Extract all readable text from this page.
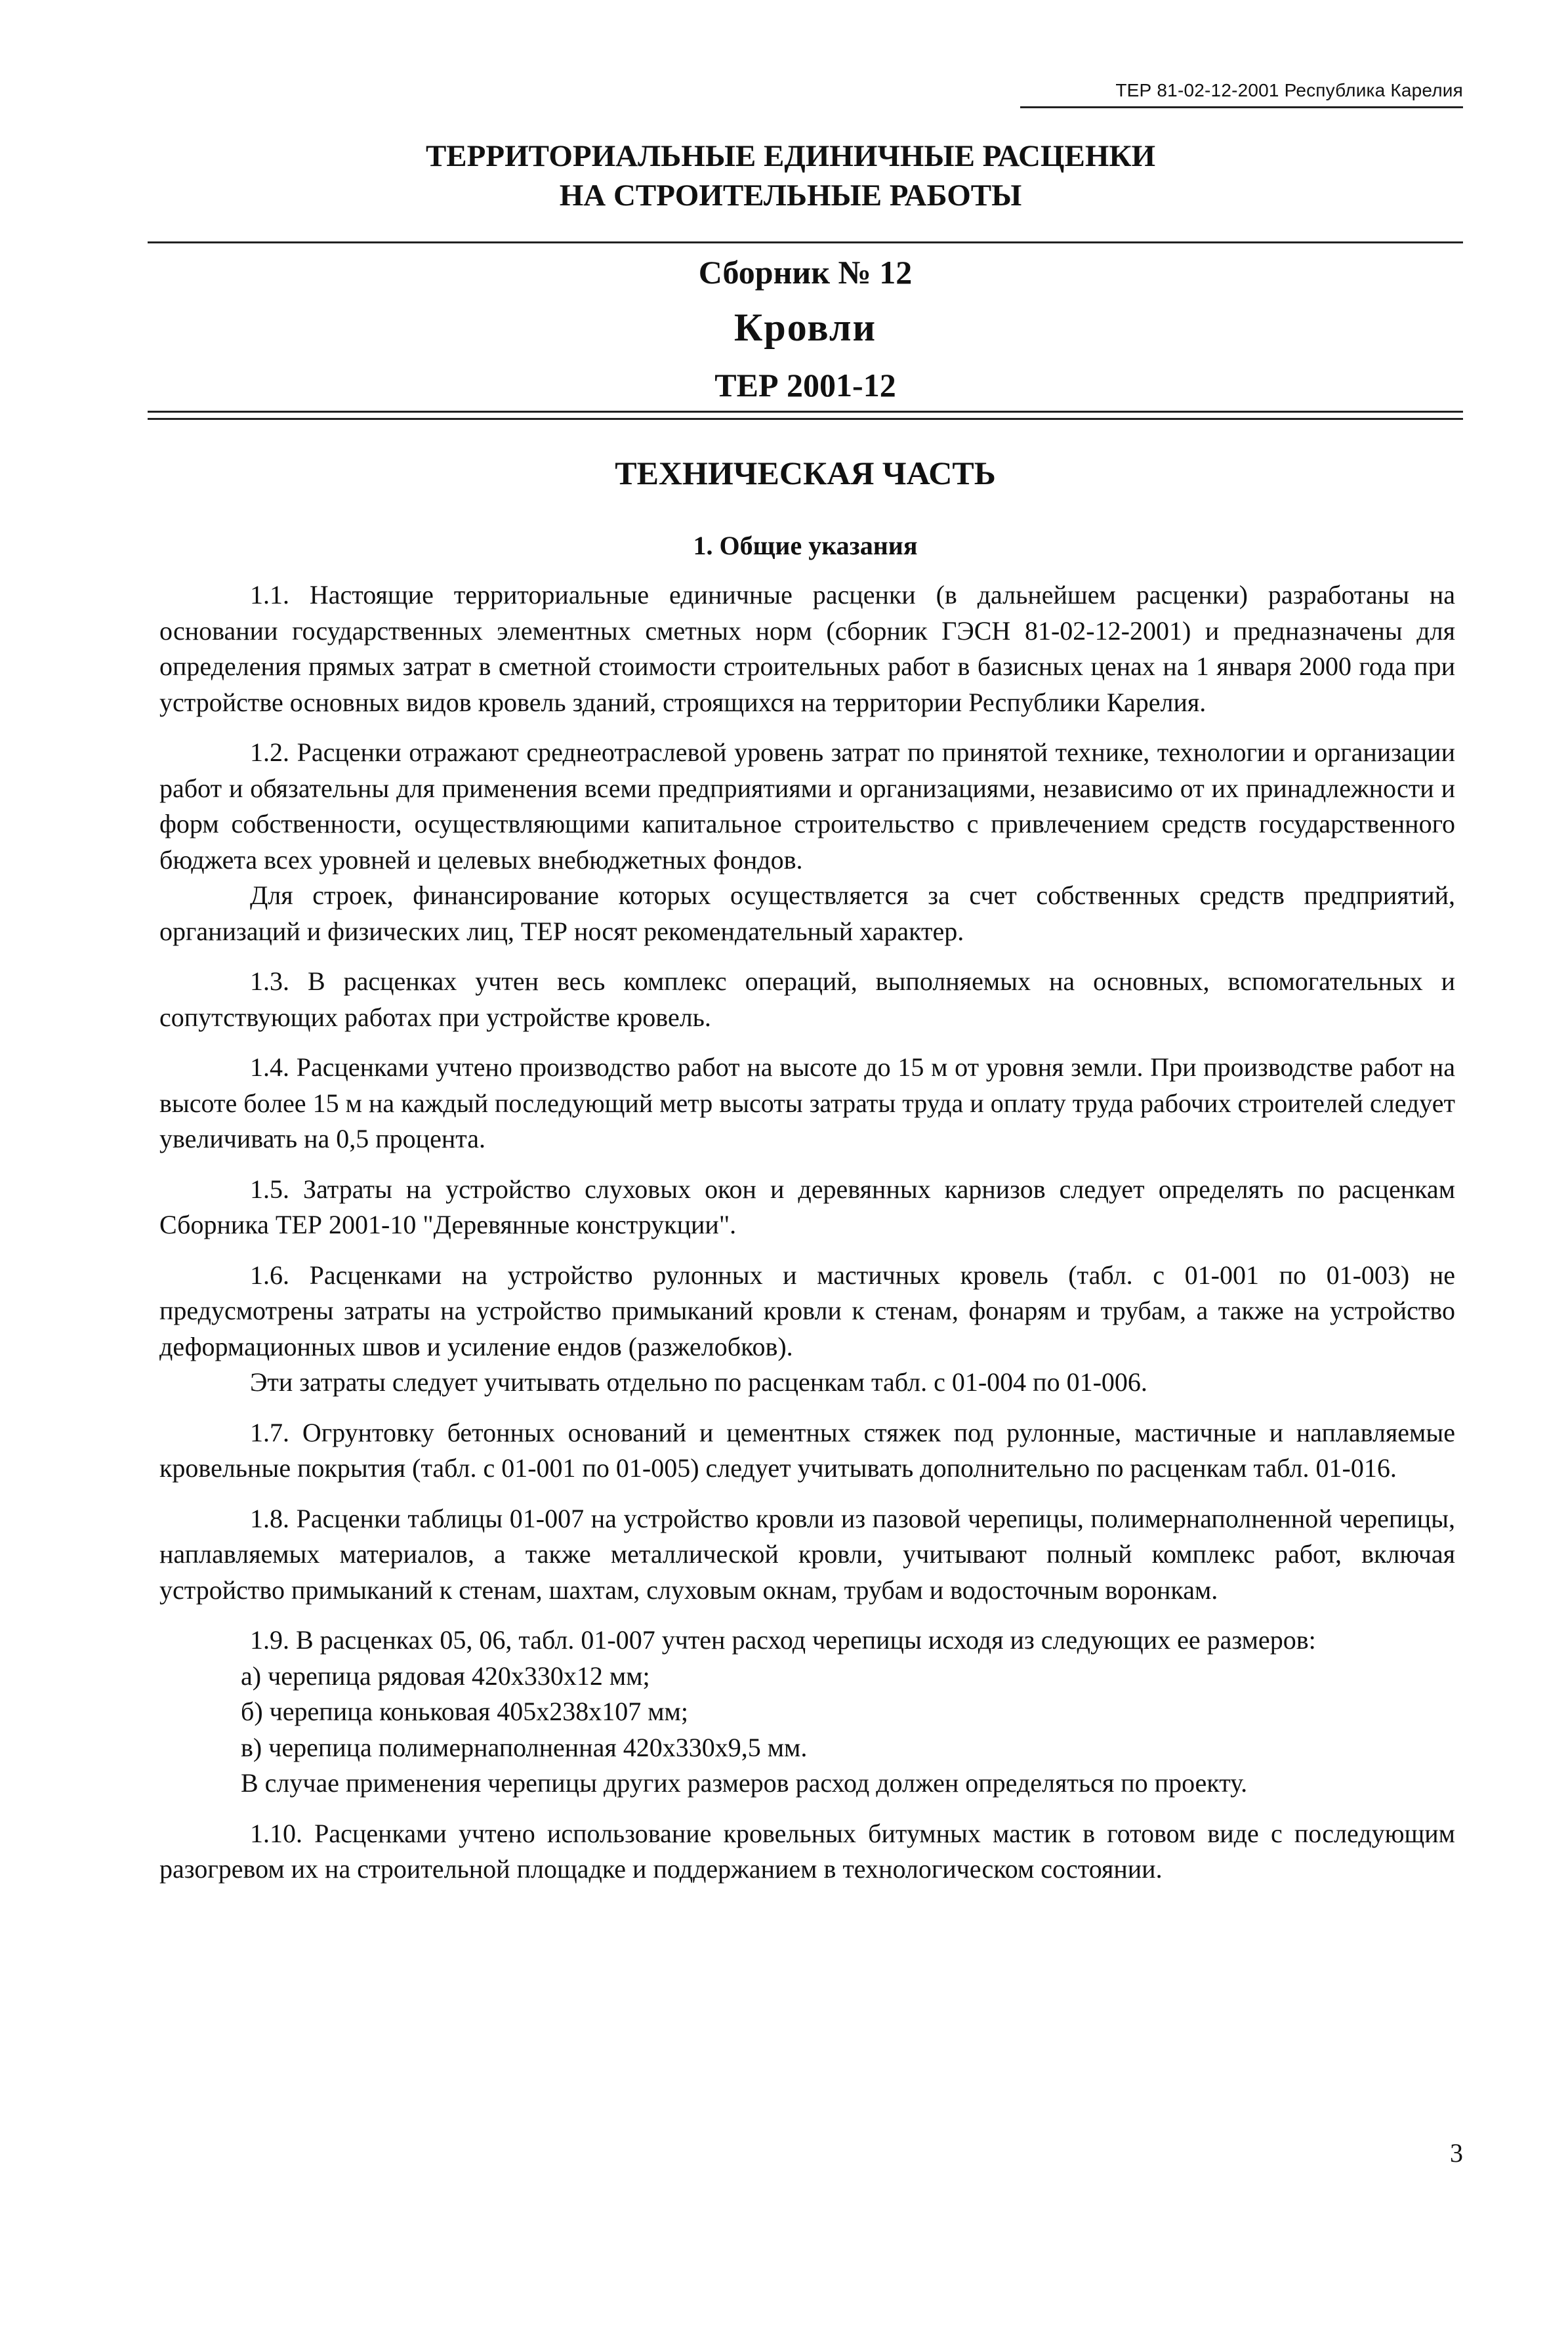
ТЕР 81-02-12-2001 Республика Карелия
ТЕРРИТОРИАЛЬНЫЕ ЕДИНИЧНЫЕ РАСЦЕНКИ
НА СТРОИТЕЛЬНЫЕ РАБОТЫ
Сборник № 12
Кровли
ТЕР 2001-12
ТЕХНИЧЕСКАЯ ЧАСТЬ
1. Общие указания

1.1. Настоящие территориальные единичные расценки (в дальнейшем расценки) разработаны на основании государственных элементных сметных норм (сборник ГЭСН 81-02-12-2001) и предназначены для определения прямых затрат в сметной стоимости строительных работ в базисных ценах на 1 января 2000 года при устройстве основных видов кровель зданий, строящихся на территории Республики Карелия.

1.2. Расценки отражают среднеотраслевой уровень затрат по принятой технике, технологии и организации работ и обязательны для применения всеми предприятиями и организациями, независимо от их принадлежности и форм собственности, осуществляющими капитальное строительство с привлечением средств государственного бюджета всех уровней и целевых внебюджетных фондов.

Для строек, финансирование которых осуществляется за счет собственных средств предприятий, организаций и физических лиц, ТЕР носят рекомендательный характер.

1.3. В расценках учтен весь комплекс операций, выполняемых на основных, вспомогательных и сопутствующих работах при устройстве кровель.

1.4. Расценками учтено производство работ на высоте до 15 м от уровня земли. При производстве работ на высоте более 15 м на каждый последующий метр высоты затраты труда и оплату труда рабочих строителей следует увеличивать на 0,5 процента.

1.5. Затраты на устройство слуховых окон и деревянных карнизов следует определять по расценкам Сборника ТЕР 2001-10 "Деревянные конструкции".

1.6. Расценками на устройство рулонных и мастичных кровель (табл. с 01-001 по 01-003) не предусмотрены затраты на устройство примыканий кровли к стенам, фонарям и трубам, а также на устройство деформационных швов и усиление ендов (разжелобков).

Эти затраты следует учитывать отдельно по расценкам табл. с 01-004 по 01-006.

1.7. Огрунтовку бетонных оснований и цементных стяжек под рулонные, мастичные и наплавляемые кровельные покрытия (табл. с 01-001 по 01-005) следует учитывать дополнительно по расценкам табл. 01-016.

1.8. Расценки таблицы 01-007 на устройство кровли из пазовой черепицы, полимернаполненной черепицы, наплавляемых материалов, а также металлической кровли, учитывают полный комплекс работ, включая устройство примыканий к стенам, шахтам, слуховым окнам, трубам и водосточным воронкам.

1.9. В расценках 05, 06, табл. 01-007 учтен расход черепицы исходя из следующих ее размеров:

а) черепица рядовая 420х330х12 мм;

б) черепица коньковая 405х238х107 мм;

в) черепица полимернаполненная 420х330х9,5 мм.

В случае применения черепицы других размеров расход должен определяться по проекту.

1.10. Расценками учтено использование кровельных битумных мастик в готовом виде с последующим разогревом их на строительной площадке и поддержанием в технологическом состоянии.

3
